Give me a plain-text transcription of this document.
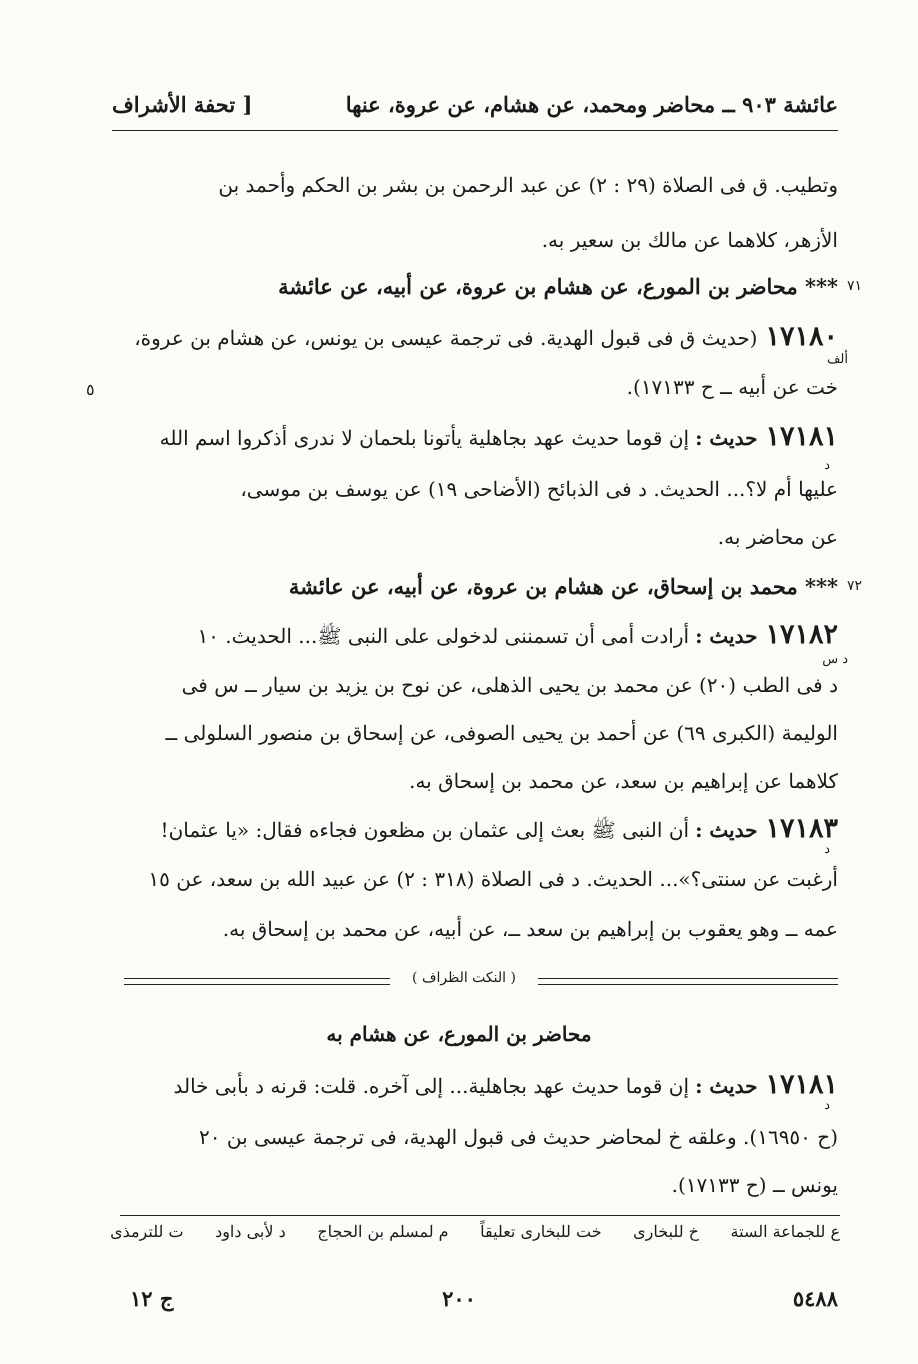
عائشة ٩٠٣ ــ محاضر ومحمد، عن هشام، عن عروة، عنها
[ تحفة الأشراف
وتطيب. ق فى الصلاة (٢٩ : ٢) عن عبد الرحمن بن بشر بن الحكم وأحمد بن
الأزهر، كلاهما عن مالك بن سعير به.
٧١
*** محاضر بن المورع، عن هشام بن عروة، عن أبيه، عن عائشة
١٧١٨٠(حديث ق فى قبول الهدية. فى ترجمة عيسى بن يونس، عن هشام بن عروة،
ألف
خت عن أبيه ــ ح ١٧١٣٣).
٥
١٧١٨١حديث :إن قوما حديث عهد بجاهلية يأتونا بلحمان لا ندرى أذكروا اسم الله
د
عليها أم لا؟... الحديث. د فى الذبائح (الأضاحى ١٩) عن يوسف بن موسى،
عن محاضر به.
٧٢
*** محمد بن إسحاق، عن هشام بن عروة، عن أبيه، عن عائشة
١٧١٨٢حديث :أرادت أمى أن تسمننى لدخولى على النبى ﷺ... الحديث. ١٠
د س
د فى الطب (٢٠) عن محمد بن يحيى الذهلى، عن نوح بن يزيد بن سيار ــ س فى
الوليمة (الكبرى ٦٩) عن أحمد بن يحيى الصوفى، عن إسحاق بن منصور السلولى ــ
كلاهما عن إبراهيم بن سعد، عن محمد بن إسحاق به.
١٧١٨٣حديث :أن النبى ﷺ بعث إلى عثمان بن مظعون فجاءه فقال: «يا عثمان!
د
أرغبت عن سنتى؟»... الحديث. د فى الصلاة (٣١٨ : ٢) عن عبيد الله بن سعد، عن ١٥
عمه ــ وهو يعقوب بن إبراهيم بن سعد ــ، عن أبيه، عن محمد بن إسحاق به.
( النكت الظراف )
محاضر بن المورع، عن هشام به
١٧١٨١حديث :إن قوما حديث عهد بجاهلية... إلى آخره. قلت: قرنه د بأبى خالد
د
(ح ١٦٩٥٠). وعلقه خ لمحاضر حديث فى قبول الهدية، فى ترجمة عيسى بن ٢٠
يونس ــ (ح ١٧١٣٣).
ع للجماعة الستة
خ للبخارى
خت للبخارى تعليقاً
م لمسلم بن الحجاج
د لأبى داود
ت للترمذى
ج ١٢	٢٠٠	٥٤٨٨
